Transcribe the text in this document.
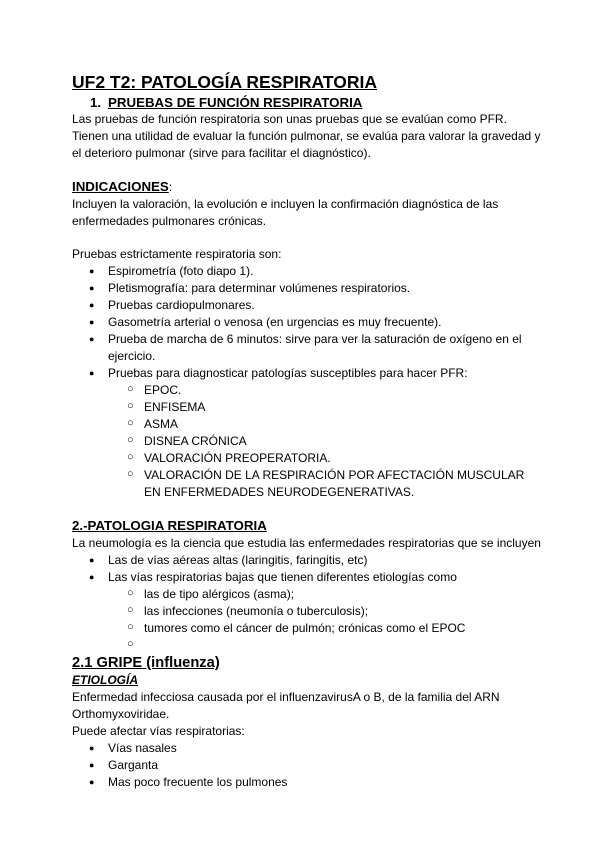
UF2 T2: PATOLOGÍA RESPIRATORIA
1. PRUEBAS DE FUNCIÓN RESPIRATORIA

Las pruebas de función respiratoria son unas pruebas que se evalúan como PFR. Tienen una utilidad de evaluar la función pulmonar, se evalúa para valorar la gravedad y el deterioro pulmonar (sirve para facilitar el diagnóstico).

INDICACIONES:

Incluyen la valoración, la evolución e incluyen la confirmación diagnóstica de las enfermedades pulmonares crónicas.

Pruebas estrictamente respiratoria son:

● Espirometría (foto diapo 1).
● Pletismografía: para determinar volúmenes respiratorios.
● Pruebas cardiopulmonares.
● Gasometría arterial o venosa (en urgencias es muy frecuente).
● Prueba de marcha de 6 minutos: sirve para ver la saturación de oxígeno en el ejercicio.
● Pruebas para diagnosticar patologías susceptibles para hacer PFR:
○ EPOC.
○ ENFISEMA
○ ASMA
○ DISNEA CRÓNICA
○ VALORACIÓN PREOPERATORIA.
○ VALORACIÓN DE LA RESPIRACIÓN POR AFECTACIÓN MUSCULAR EN ENFERMEDADES NEURODEGENERATIVAS.
2.-PATOLOGIA RESPIRATORIA

La neumología es la ciencia que estudia las enfermedades respiratorias que se incluyen

● Las de vías aéreas altas (laringitis, faringitis, etc)
● Las vías respiratorias bajas que tienen diferentes etiologías como
○ las de tipo alérgicos (asma);
○ las infecciones (neumonía o tuberculosis);
○ tumores como el cáncer de pulmón; crónicas como el EPOC
○
2.1 GRIPE (influenza)
ETIOLOGÍA

Enfermedad infecciosa causada por el influenzavirusA o B, de la familia del ARN Orthomyxoviridae.

Puede afectar vías respiratorias:

● Vías nasales
● Garganta
● Mas poco frecuente los pulmones
